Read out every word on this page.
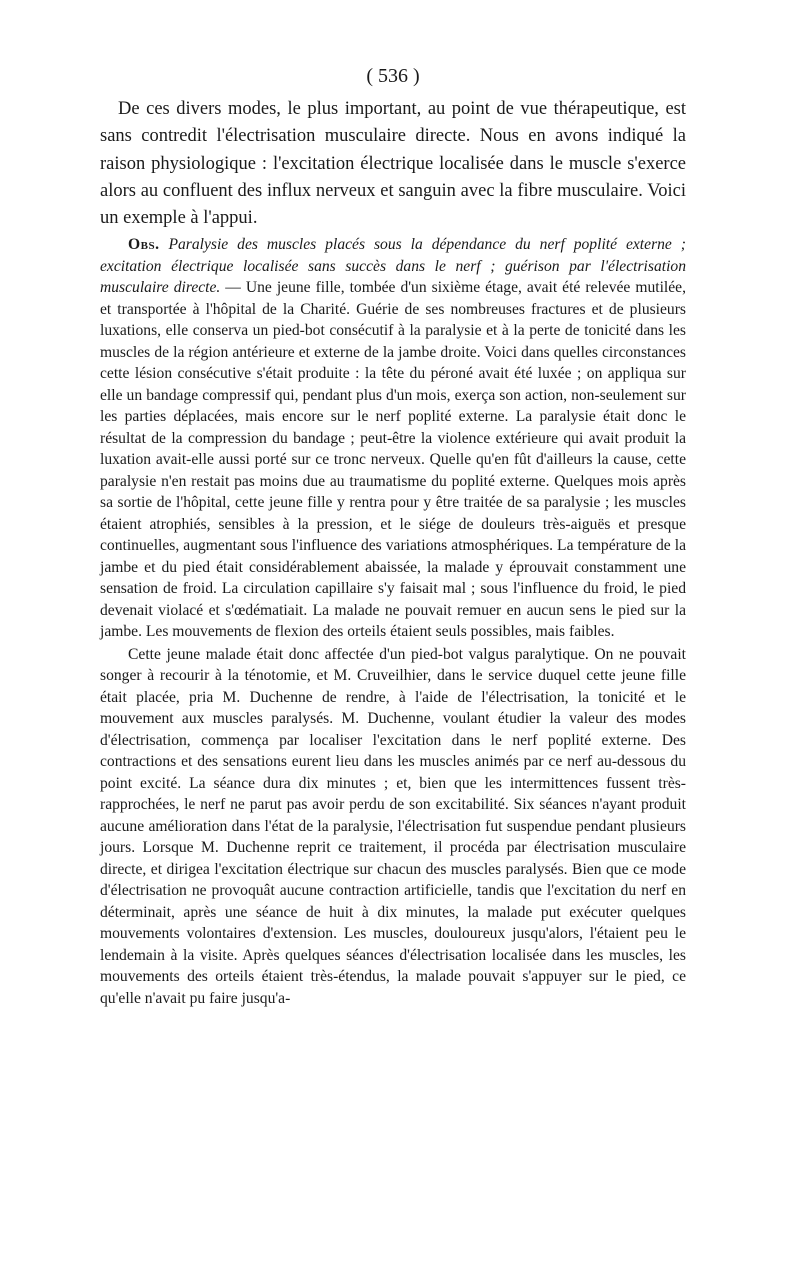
( 536 )

De ces divers modes, le plus important, au point de vue thérapeutique, est sans contredit l'électrisation musculaire directe. Nous en avons indiqué la raison physiologique : l'excitation électrique localisée dans le muscle s'exerce alors au confluent des influx nerveux et sanguin avec la fibre musculaire. Voici un exemple à l'appui.

Obs. Paralysie des muscles placés sous la dépendance du nerf poplité externe ; excitation électrique localisée sans succès dans le nerf ; guérison par l'électrisation musculaire directe. — Une jeune fille, tombée d'un sixième étage, avait été relevée mutilée, et transportée à l'hôpital de la Charité. Guérie de ses nombreuses fractures et de plusieurs luxations, elle conserva un pied-bot consécutif à la paralysie et à la perte de tonicité dans les muscles de la région antérieure et externe de la jambe droite. Voici dans quelles circonstances cette lésion consécutive s'était produite : la tête du péroné avait été luxée ; on appliqua sur elle un bandage compressif qui, pendant plus d'un mois, exerça son action, non-seulement sur les parties déplacées, mais encore sur le nerf poplité externe. La paralysie était donc le résultat de la compression du bandage ; peut-être la violence extérieure qui avait produit la luxation avait-elle aussi porté sur ce tronc nerveux. Quelle qu'en fût d'ailleurs la cause, cette paralysie n'en restait pas moins due au traumatisme du poplité externe. Quelques mois après sa sortie de l'hôpital, cette jeune fille y rentra pour y être traitée de sa paralysie ; les muscles étaient atrophiés, sensibles à la pression, et le siége de douleurs très-aiguës et presque continuelles, augmentant sous l'influence des variations atmosphériques. La température de la jambe et du pied était considérablement abaissée, la malade y éprouvait constamment une sensation de froid. La circulation capillaire s'y faisait mal ; sous l'influence du froid, le pied devenait violacé et s'œdématiait. La malade ne pouvait remuer en aucun sens le pied sur la jambe. Les mouvements de flexion des orteils étaient seuls possibles, mais faibles.

Cette jeune malade était donc affectée d'un pied-bot valgus paralytique. On ne pouvait songer à recourir à la ténotomie, et M. Cruveilhier, dans le service duquel cette jeune fille était placée, pria M. Duchenne de rendre, à l'aide de l'électrisation, la tonicité et le mouvement aux muscles paralysés. M. Duchenne, voulant étudier la valeur des modes d'électrisation, commença par localiser l'excitation dans le nerf poplité externe. Des contractions et des sensations eurent lieu dans les muscles animés par ce nerf au-dessous du point excité. La séance dura dix minutes ; et, bien que les intermittences fussent très-rapprochées, le nerf ne parut pas avoir perdu de son excitabilité. Six séances n'ayant produit aucune amélioration dans l'état de la paralysie, l'électrisation fut suspendue pendant plusieurs jours. Lorsque M. Duchenne reprit ce traitement, il procéda par électrisation musculaire directe, et dirigea l'excitation électrique sur chacun des muscles paralysés. Bien que ce mode d'électrisation ne provoquât aucune contraction artificielle, tandis que l'excitation du nerf en déterminait, après une séance de huit à dix minutes, la malade put exécuter quelques mouvements volontaires d'extension. Les muscles, douloureux jusqu'alors, l'étaient peu le lendemain à la visite. Après quelques séances d'électrisation localisée dans les muscles, les mouvements des orteils étaient très-étendus, la malade pouvait s'appuyer sur le pied, ce qu'elle n'avait pu faire jusqu'a-
